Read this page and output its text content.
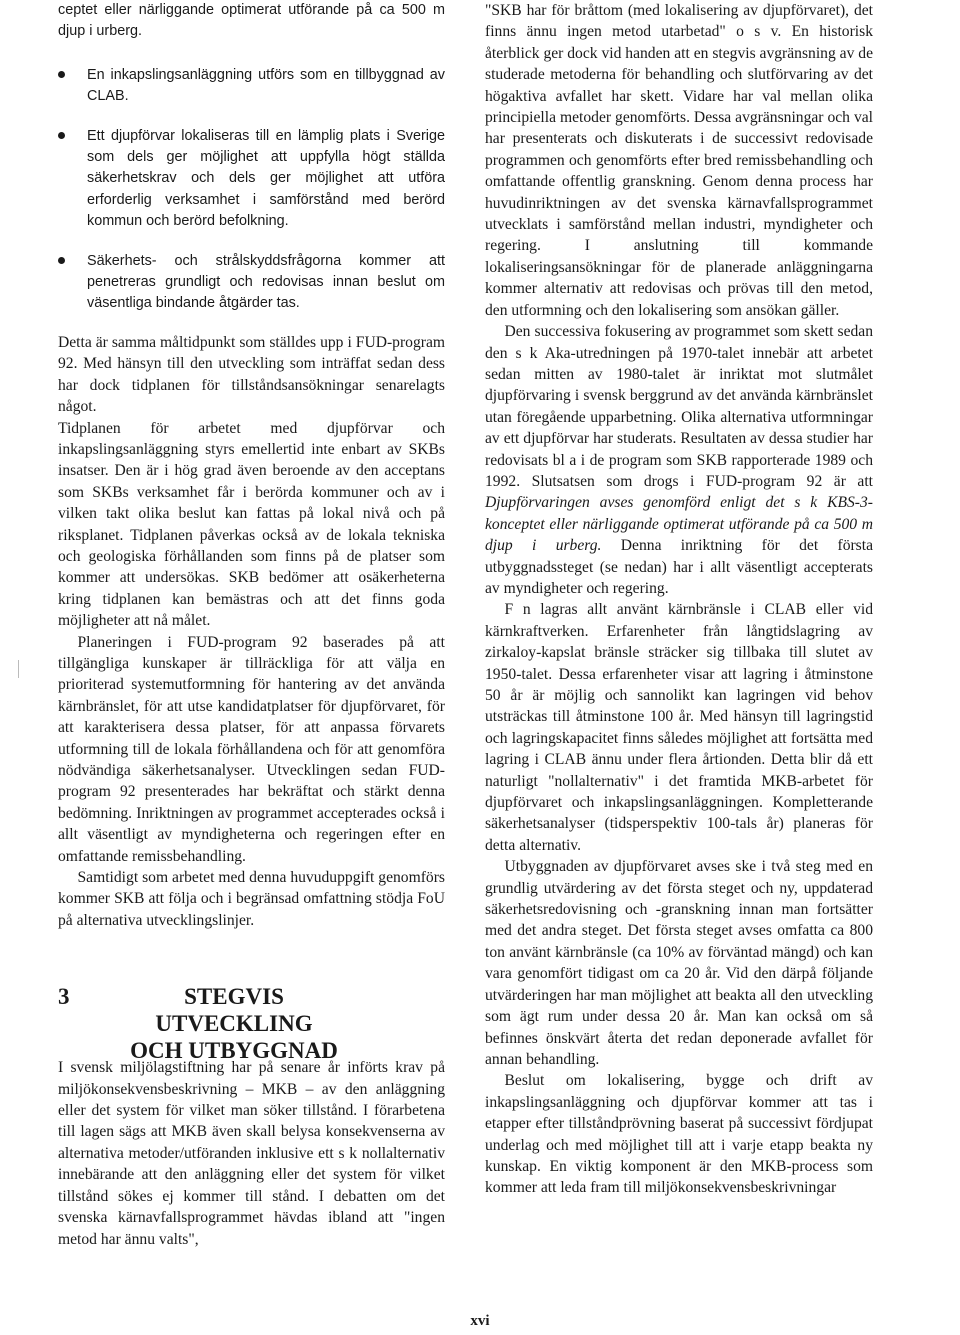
ceptet eller närliggande optimerat utförande på ca 500 m djup i urberg.

En inkapslingsanläggning utförs som en tillbyggnad av CLAB.
Ett djupförvar lokaliseras till en lämplig plats i Sverige som dels ger möjlighet att uppfylla högt ställda säkerhetskrav och dels ger möjlighet att utföra erforderlig verksamhet i samförstånd med berörd kommun och berörd befolkning.
Säkerhets- och strålskyddsfrågorna kommer att penetreras grundligt och redovisas innan beslut om väsentliga bindande åtgärder tas.

Detta är samma måltidpunkt som ställdes upp i FUD-program 92. Med hänsyn till den utveckling som inträffat sedan dess har dock tidplanen för tillståndsansökningar senarelagts något.

Tidplanen för arbetet med djupförvar och inkapslingsanläggning styrs emellertid inte enbart av SKBs insatser. Den är i hög grad även beroende av den acceptans som SKBs verksamhet får i berörda kommuner och av i vilken takt olika beslut kan fattas på lokal nivå och på riksplanet. Tidplanen påverkas också av de lokala tekniska och geologiska förhållanden som finns på de platser som kommer att undersökas. SKB bedömer att osäkerheterna kring tidplanen kan bemästras och att det finns goda möjligheter att nå målet.

Planeringen i FUD-program 92 baserades på att tillgängliga kunskaper är tillräckliga för att välja en prioriterad systemutformning för hantering av det använda kärnbränslet, för att utse kandidatplatser för djupförvaret, för att karakterisera dessa platser, för att anpassa förvarets utformning till de lokala förhållandena och för att genomföra nödvändiga säkerhetsanalyser. Utvecklingen sedan FUD-program 92 presenterades har bekräftat och stärkt denna bedömning. Inriktningen av programmet accepterades också i allt väsentligt av myndigheterna och regeringen efter en omfattande remissbehandling.

Samtidigt som arbetet med denna huvuduppgift genomförs kommer SKB att följa och i begränsad omfattning stödja FoU på alternativa utvecklingslinjer.

3	STEGVIS UTVECKLING
OCH UTBYGGNAD

I svensk miljölagstiftning har på senare år införts krav på miljökonsekvensbeskrivning – MKB – av den anläggning eller det system för vilket man söker tillstånd. I förarbetena till lagen sägs att MKB även skall belysa konsekvenserna av alternativa metoder/utföranden inklusive ett s k nollalternativ innebärande att den anläggning eller det system för vilket tillstånd sökes ej kommer till stånd. I debatten om det svenska kärnavfallsprogrammet hävdas ibland att "ingen metod har ännu valts",

"SKB har för bråttom (med lokalisering av djupförvaret), det finns ännu ingen metod utarbetad" o s v. En historisk återblick ger dock vid handen att en stegvis avgränsning av de studerade metoderna för behandling och slutförvaring av det högaktiva avfallet har skett. Vidare har val mellan olika principiella metoder genomförts. Dessa avgränsningar och val har presenterats och diskuterats i de successivt redovisade programmen och genomförts efter bred remissbehandling och omfattande offentlig granskning. Genom denna process har huvudinriktningen av det svenska kärnavfallsprogrammet utvecklats i samförstånd mellan industri, myndigheter och regering. I anslutning till kommande lokaliseringsansökningar för de planerade anläggningarna kommer alternativ att redovisas och prövas till den metod, den utformning och den lokalisering som ansökan gäller.

Den successiva fokusering av programmet som skett sedan den s k Aka-utredningen på 1970-talet innebär att arbetet sedan mitten av 1980-talet är inriktat mot slutmålet djupförvaring i svensk berggrund av det använda kärnbränslet utan föregående upparbetning. Olika alternativa utformningar av ett djupförvar har studerats. Resultaten av dessa studier har redovisats bl a i de program som SKB rapporterade 1989 och 1992. Slutsatsen som drogs i FUD-program 92 är att Djupförvaringen avses genomförd enligt det s k KBS-3-konceptet eller närliggande optimerat utförande på ca 500 m djup i urberg. Denna inriktning för det första utbyggnadssteget (se nedan) har i allt väsentligt accepterats av myndigheter och regering.

F n lagras allt använt kärnbränsle i CLAB eller vid kärnkraftverken. Erfarenheter från långtidslagring av zirkaloy-kapslat bränsle sträcker sig tillbaka till slutet av 1950-talet. Dessa erfarenheter visar att lagring i åtminstone 50 år är möjlig och sannolikt kan lagringen vid behov utsträckas till åtminstone 100 år. Med hänsyn till lagringstid och lagringskapacitet finns således möjlighet att fortsätta med lagring i CLAB ännu under flera årtionden. Detta blir då ett naturligt "nollalternativ" i det framtida MKB-arbetet för djupförvaret och inkapslingsanläggningen. Kompletterande säkerhetsanalyser (tidsperspektiv 100-tals år) planeras för detta alternativ.

Utbyggnaden av djupförvaret avses ske i två steg med en grundlig utvärdering av det första steget och ny, uppdaterad säkerhetsredovisning och -granskning innan man fortsätter med det andra steget. Det första steget avses omfatta ca 800 ton använt kärnbränsle (ca 10% av förväntad mängd) och kan vara genomfört tidigast om ca 20 år. Vid den därpå följande utvärderingen har man möjlighet att beakta all den utveckling som ägt rum under dessa 20 år. Man kan också om så befinnes önskvärt återta det redan deponerade avfallet för annan behandling.

Beslut om lokalisering, bygge och drift av inkapslingsanläggning och djupförvar kommer att tas i etapper efter tillståndprövning baserat på successivt fördjupat underlag och med möjlighet till att i varje etapp beakta ny kunskap. En viktig komponent är den MKB-process som kommer att leda fram till miljökonsekvensbeskrivningar

xvi
